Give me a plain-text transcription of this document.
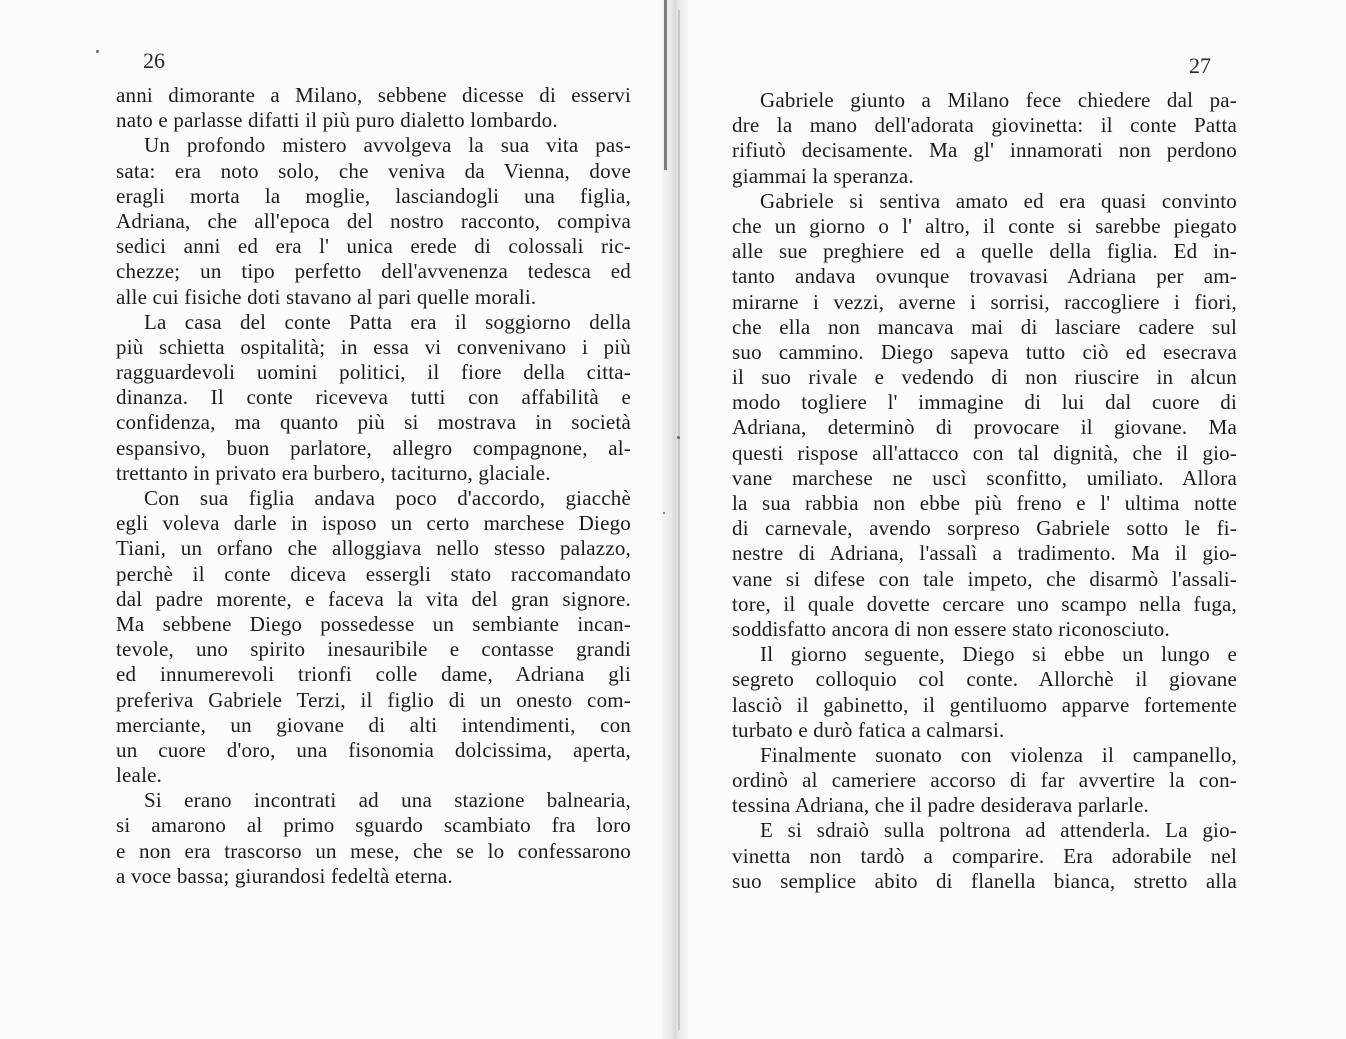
26
anni dimorante a Milano, sebbene dicesse di esservi
nato e parlasse difatti il più puro dialetto lombardo.
Un profondo mistero avvolgeva la sua vita pas-
sata: era noto solo, che veniva da Vienna, dove
eragli morta la moglie, lasciandogli una figlia,
Adriana, che all'epoca del nostro racconto, compiva
sedici anni ed era l' unica erede di colossali ric-
chezze; un tipo perfetto dell'avvenenza tedesca ed
alle cui fisiche doti stavano al pari quelle morali.
La casa del conte Patta era il soggiorno della
più schietta ospitalità; in essa vi convenivano i più
ragguardevoli uomini politici, il fiore della citta-
dinanza. Il conte riceveva tutti con affabilità e
confidenza, ma quanto più si mostrava in società
espansivo, buon parlatore, allegro compagnone, al-
trettanto in privato era burbero, taciturno, glaciale.
Con sua figlia andava poco d'accordo, giacchè
egli voleva darle in isposo un certo marchese Diego
Tiani, un orfano che alloggiava nello stesso palazzo,
perchè il conte diceva essergli stato raccomandato
dal padre morente, e faceva la vita del gran signore.
Ma sebbene Diego possedesse un sembiante incan-
tevole, uno spirito inesauribile e contasse grandi
ed innumerevoli trionfi colle dame, Adriana gli
preferiva Gabriele Terzi, il figlio di un onesto com-
merciante, un giovane di alti intendimenti, con
un cuore d'oro, una fisonomia dolcissima, aperta,
leale.
Si erano incontrati ad una stazione balnearia,
si amarono al primo sguardo scambiato fra loro
e non era trascorso un mese, che se lo confessarono
a voce bassa; giurandosi fedeltà eterna.
27
Gabriele giunto a Milano fece chiedere dal pa-
dre la mano dell'adorata giovinetta: il conte Patta
rifiutò decisamente. Ma gl' innamorati non perdono
giammai la speranza.
Gabriele si sentiva amato ed era quasi convinto
che un giorno o l' altro, il conte si sarebbe piegato
alle sue preghiere ed a quelle della figlia. Ed in-
tanto andava ovunque trovavasi Adriana per am-
mirarne i vezzi, averne i sorrisi, raccogliere i fiori,
che ella non mancava mai di lasciare cadere sul
suo cammino. Diego sapeva tutto ciò ed esecrava
il suo rivale e vedendo di non riuscire in alcun
modo togliere l' immagine di lui dal cuore di
Adriana, determinò di provocare il giovane. Ma
questi rispose all'attacco con tal dignità, che il gio-
vane marchese ne uscì sconfitto, umiliato. Allora
la sua rabbia non ebbe più freno e l' ultima notte
di carnevale, avendo sorpreso Gabriele sotto le fi-
nestre di Adriana, l'assalì a tradimento. Ma il gio-
vane si difese con tale impeto, che disarmò l'assali-
tore, il quale dovette cercare uno scampo nella fuga,
soddisfatto ancora di non essere stato riconosciuto.
Il giorno seguente, Diego si ebbe un lungo e
segreto colloquio col conte. Allorchè il giovane
lasciò il gabinetto, il gentiluomo apparve fortemente
turbato e durò fatica a calmarsi.
Finalmente suonato con violenza il campanello,
ordinò al cameriere accorso di far avvertire la con-
tessina Adriana, che il padre desiderava parlarle.
E si sdraiò sulla poltrona ad attenderla. La gio-
vinetta non tardò a comparire. Era adorabile nel
suo semplice abito di flanella bianca, stretto alla
